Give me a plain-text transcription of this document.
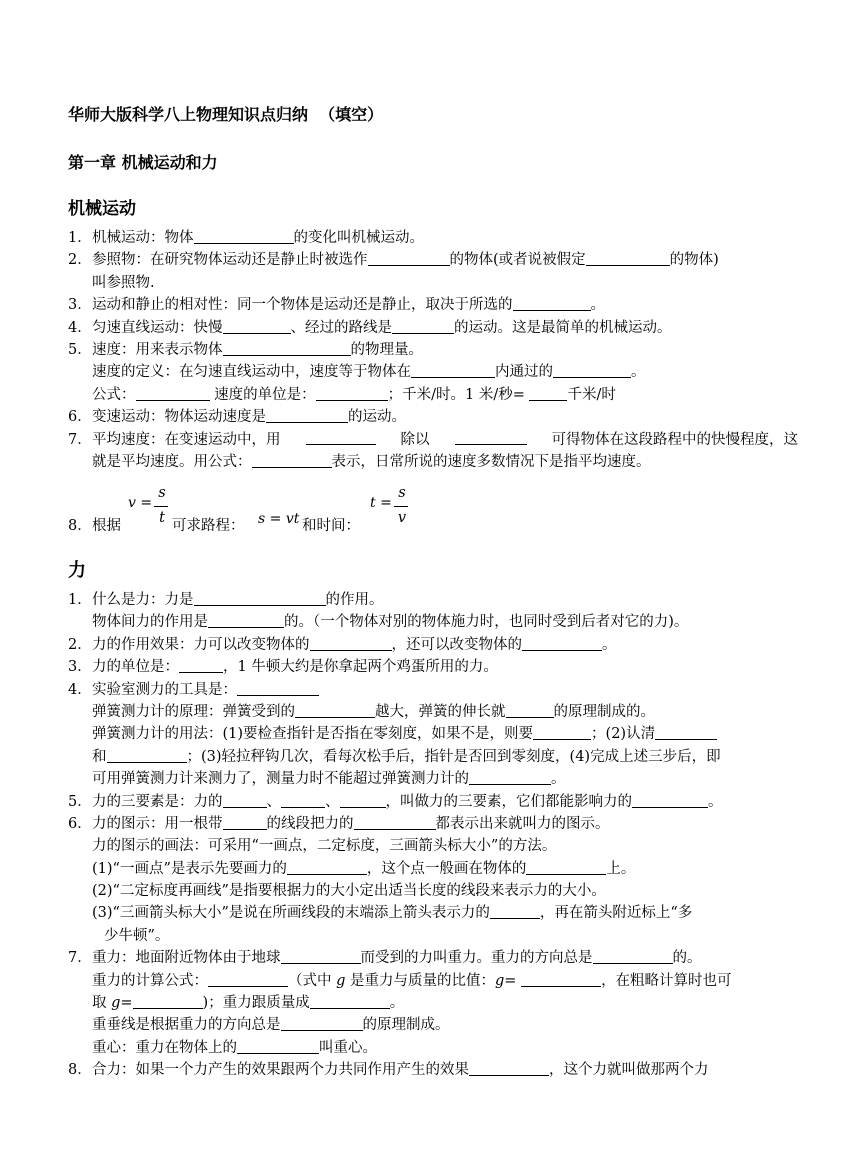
华师大版科学八上物理知识点归纳  （填空）
第一章 机械运动和力
机械运动
1． 机械运动：物体	的变化叫机械运动。
2． 参照物：在研究物体运动还是静止时被选作	的物体(或者说被假定	的物体)
叫参照物.
3． 运动和静止的相对性：同一个物体是运动还是静止，取决于所选的	。
4． 匀速直线运动：快慢	、经过的路线是	的运动。这是最简单的机械运动。
5． 速度：用来表示物体	的物理量。
速度的定义：在匀速直线运动中，速度等于物体在	内通过的	。
公式：	速度的单位是：	；千米/时。1 米/秒=	千米/时
6． 变速运动：物体运动速度是	的运动。
7． 平均速度：在变速运动中，用	除以	可得物体在这段路程中的快慢程度，这
就是平均速度。用公式：	表示，日常所说的速度多数情况下是指平均速度。
8． 根据
v =
s
t 可求路程： s = vt 和时间：
t =
s
v
力
1． 什么是力：力是	的作用。
物体间力的作用是	的。（一个物体对别的物体施力时，也同时受到后者对它的力)。
2． 力的作用效果：力可以改变物体的	，还可以改变物体的	。
3． 力的单位是：	，1 牛顿大约是你拿起两个鸡蛋所用的力。
4． 实验室测力的工具是：
弹簧测力计的原理：弹簧受到的	越大，弹簧的伸长就	的原理制成的。
弹簧测力计的用法：(1)要检查指针是否指在零刻度，如果不是，则要	；(2)认清
和	；(3)轻拉秤钩几次，看每次松手后，指针是否回到零刻度，(4)完成上述三步后，即
可用弹簧测力计来测力了，测量力时不能超过弹簧测力计的	。
5． 力的三要素是：力的	、	、	，叫做力的三要素，它们都能影响力的	。
6． 力的图示：用一根带	的线段把力的	都表示出来就叫力的图示。
力的图示的画法：可采用“一画点，二定标度，三画箭头标大小”的方法。
(1)“一画点”是表示先要画力的	，这个点一般画在物体的	上。
(2)“二定标度再画线”是指要根据力的大小定出适当长度的线段来表示力的大小。
(3)“三画箭头标大小”是说在所画线段的末端添上箭头表示力的	，再在箭头附近标上“多
少牛顿”。
7． 重力：地面附近物体由于地球	而受到的力叫重力。重力的方向总是	的。
重力的计算公式：	（式中 g 是重力与质量的比值：g=	，在粗略计算时也可
取 g=	)；重力跟质量成	。
重垂线是根据重力的方向总是	的原理制成。
重心：重力在物体上的	叫重心。
8． 合力：如果一个力产生的效果跟两个力共同作用产生的效果	，这个力就叫做那两个力
